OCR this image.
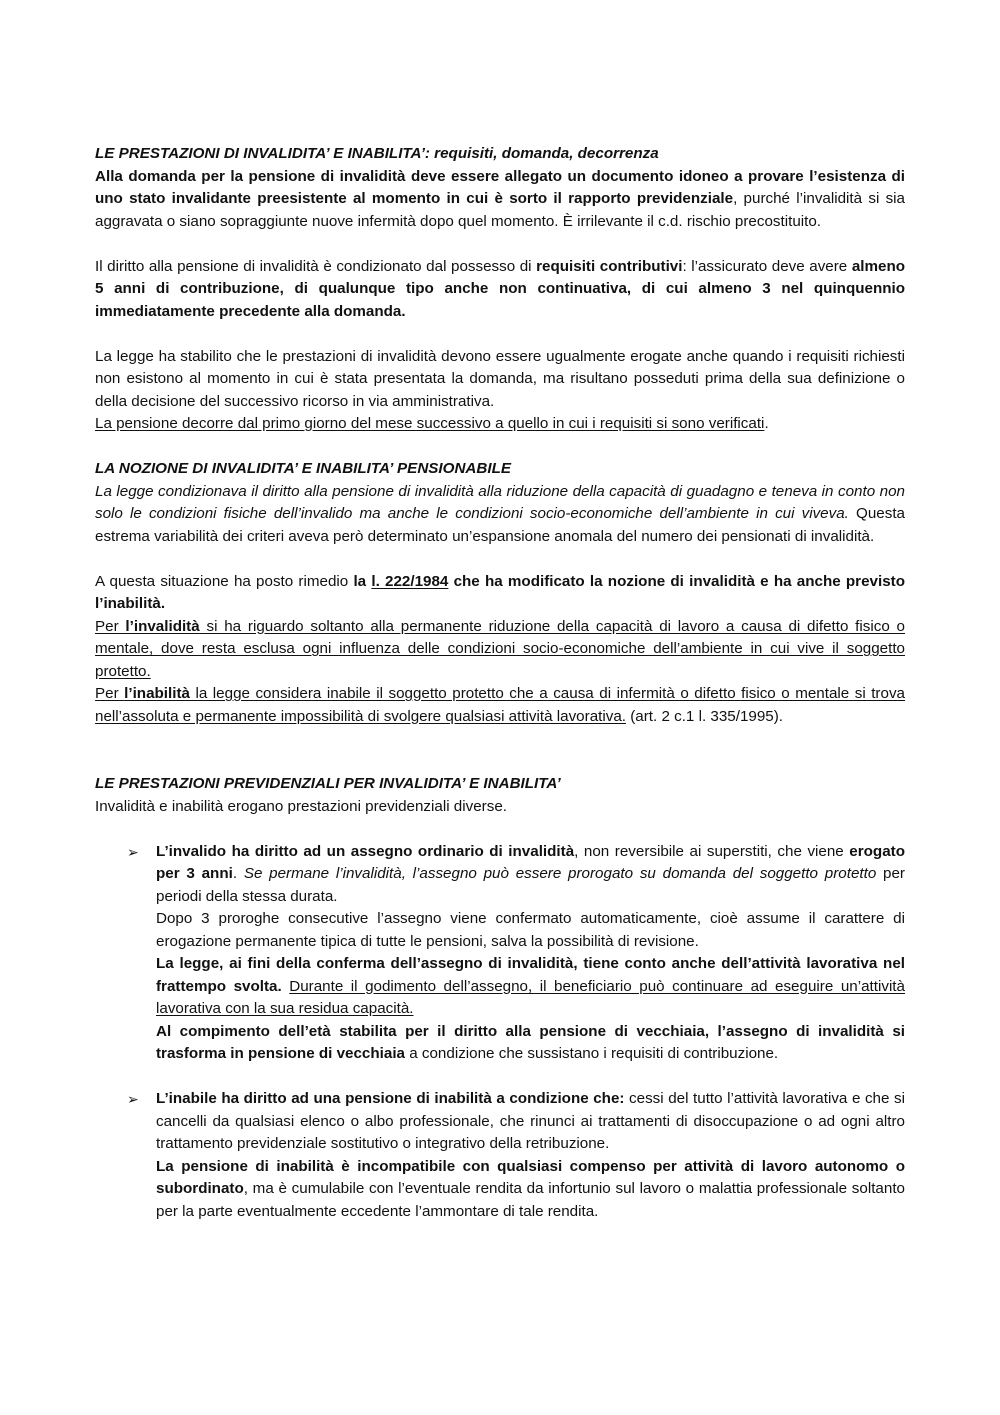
LE PRESTAZIONI DI INVALIDITA’ E INABILITA’: requisiti, domanda, decorrenza

Alla domanda per la pensione di invalidità deve essere allegato un documento idoneo a provare l’esistenza di uno stato invalidante preesistente al momento in cui è sorto il rapporto previdenziale, purché l’invalidità si sia aggravata o siano sopraggiunte nuove infermità dopo quel momento. È irrilevante il c.d. rischio precostituito.

Il diritto alla pensione di invalidità è condizionato dal possesso di requisiti contributivi: l’assicurato deve avere almeno 5 anni di contribuzione, di qualunque tipo anche non continuativa, di cui almeno 3 nel quinquennio immediatamente precedente alla domanda.

La legge ha stabilito che le prestazioni di invalidità devono essere ugualmente erogate anche quando i requisiti richiesti non esistono al momento in cui è stata presentata la domanda, ma risultano posseduti prima della sua definizione o della decisione del successivo ricorso in via amministrativa.

La pensione decorre dal primo giorno del mese successivo a quello in cui i requisiti si sono verificati.

LA NOZIONE DI INVALIDITA’ E INABILITA’ PENSIONABILE

La legge condizionava il diritto alla pensione di invalidità alla riduzione della capacità di guadagno e teneva in conto non solo le condizioni fisiche dell’invalido ma anche le condizioni socio-economiche dell’ambiente in cui viveva. Questa estrema variabilità dei criteri aveva però determinato un’espansione anomala del numero dei pensionati di invalidità.

A questa situazione ha posto rimedio la l. 222/1984 che ha modificato la nozione di invalidità e ha anche previsto l’inabilità.

Per l’invalidità si ha riguardo soltanto alla permanente riduzione della capacità di lavoro a causa di difetto fisico o mentale, dove resta esclusa ogni influenza delle condizioni socio-economiche dell’ambiente in cui vive il soggetto protetto.

Per l’inabilità la legge considera inabile il soggetto protetto che a causa di infermità o difetto fisico o mentale si trova nell’assoluta e permanente impossibilità di svolgere qualsiasi attività lavorativa. (art. 2 c.1 l. 335/1995).

LE PRESTAZIONI PREVIDENZIALI PER INVALIDITA’ E INABILITA’

Invalidità e inabilità erogano prestazioni previdenziali diverse.

➢ L’invalido ha diritto ad un assegno ordinario di invalidità, non reversibile ai superstiti, che viene erogato per 3 anni. Se permane l’invalidità, l’assegno può essere prorogato su domanda del soggetto protetto per periodi della stessa durata.

Dopo 3 proroghe consecutive l’assegno viene confermato automaticamente, cioè assume il carattere di erogazione permanente tipica di tutte le pensioni, salva la possibilità di revisione.

La legge, ai fini della conferma dell’assegno di invalidità, tiene conto anche dell’attività lavorativa nel frattempo svolta. Durante il godimento dell’assegno, il beneficiario può continuare ad eseguire un’attività lavorativa con la sua residua capacità.

Al compimento dell’età stabilita per il diritto alla pensione di vecchiaia, l’assegno di invalidità si trasforma in pensione di vecchiaia a condizione che sussistano i requisiti di contribuzione.

➢ L’inabile ha diritto ad una pensione di inabilità a condizione che: cessi del tutto l’attività lavorativa e che si cancelli da qualsiasi elenco o albo professionale, che rinunci ai trattamenti di disoccupazione o ad ogni altro trattamento previdenziale sostitutivo o integrativo della retribuzione.

La pensione di inabilità è incompatibile con qualsiasi compenso per attività di lavoro autonomo o subordinato, ma è cumulabile con l’eventuale rendita da infortunio sul lavoro o malattia professionale soltanto per la parte eventualmente eccedente l’ammontare di tale rendita.
